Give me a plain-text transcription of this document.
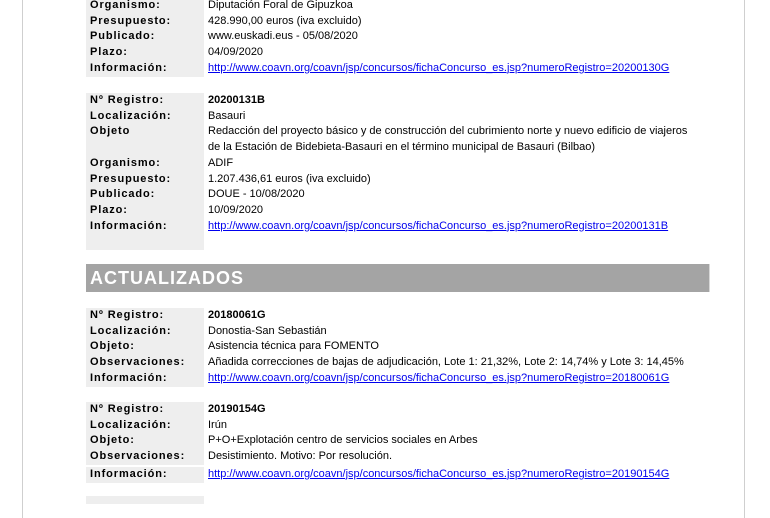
Organismo:	Diputación Foral de Gipuzkoa
Presupuesto:	428.990,00 euros (iva excluido)
Publicado:	www.euskadi.eus - 05/08/2020
Plazo:	04/09/2020
Información:	http://www.coavn.org/coavn/jsp/concursos/fichaConcurso_es.jsp?numeroRegistro=20200130G
Nº Registro:	20200131B
Localización:	Basauri
Objeto	Redacción del proyecto básico y de construcción del cubrimiento norte y nuevo edificio de viajeros de la Estación de Bidebieta-Basauri en el término municipal de Basauri (Bilbao)
Organismo:	ADIF
Presupuesto:	1.207.436,61 euros (iva excluido)
Publicado:	DOUE - 10/08/2020
Plazo:	10/09/2020
Información:	http://www.coavn.org/coavn/jsp/concursos/fichaConcurso_es.jsp?numeroRegistro=20200131B
ACTUALIZADOS
Nº Registro:	20180061G
Localización:	Donostia-San Sebastián
Objeto:	Asistencia técnica para FOMENTO
Observaciones:	Añadida correcciones de bajas de adjudicación, Lote 1: 21,32%, Lote 2: 14,74% y Lote 3: 14,45%
Información:	http://www.coavn.org/coavn/jsp/concursos/fichaConcurso_es.jsp?numeroRegistro=20180061G
Nº Registro:	20190154G
Localización:	Irún
Objeto:	P+O+Explotación centro de servicios sociales en Arbes
Observaciones:	Desistimiento. Motivo: Por resolución.
Información:	http://www.coavn.org/coavn/jsp/concursos/fichaConcurso_es.jsp?numeroRegistro=20190154G
